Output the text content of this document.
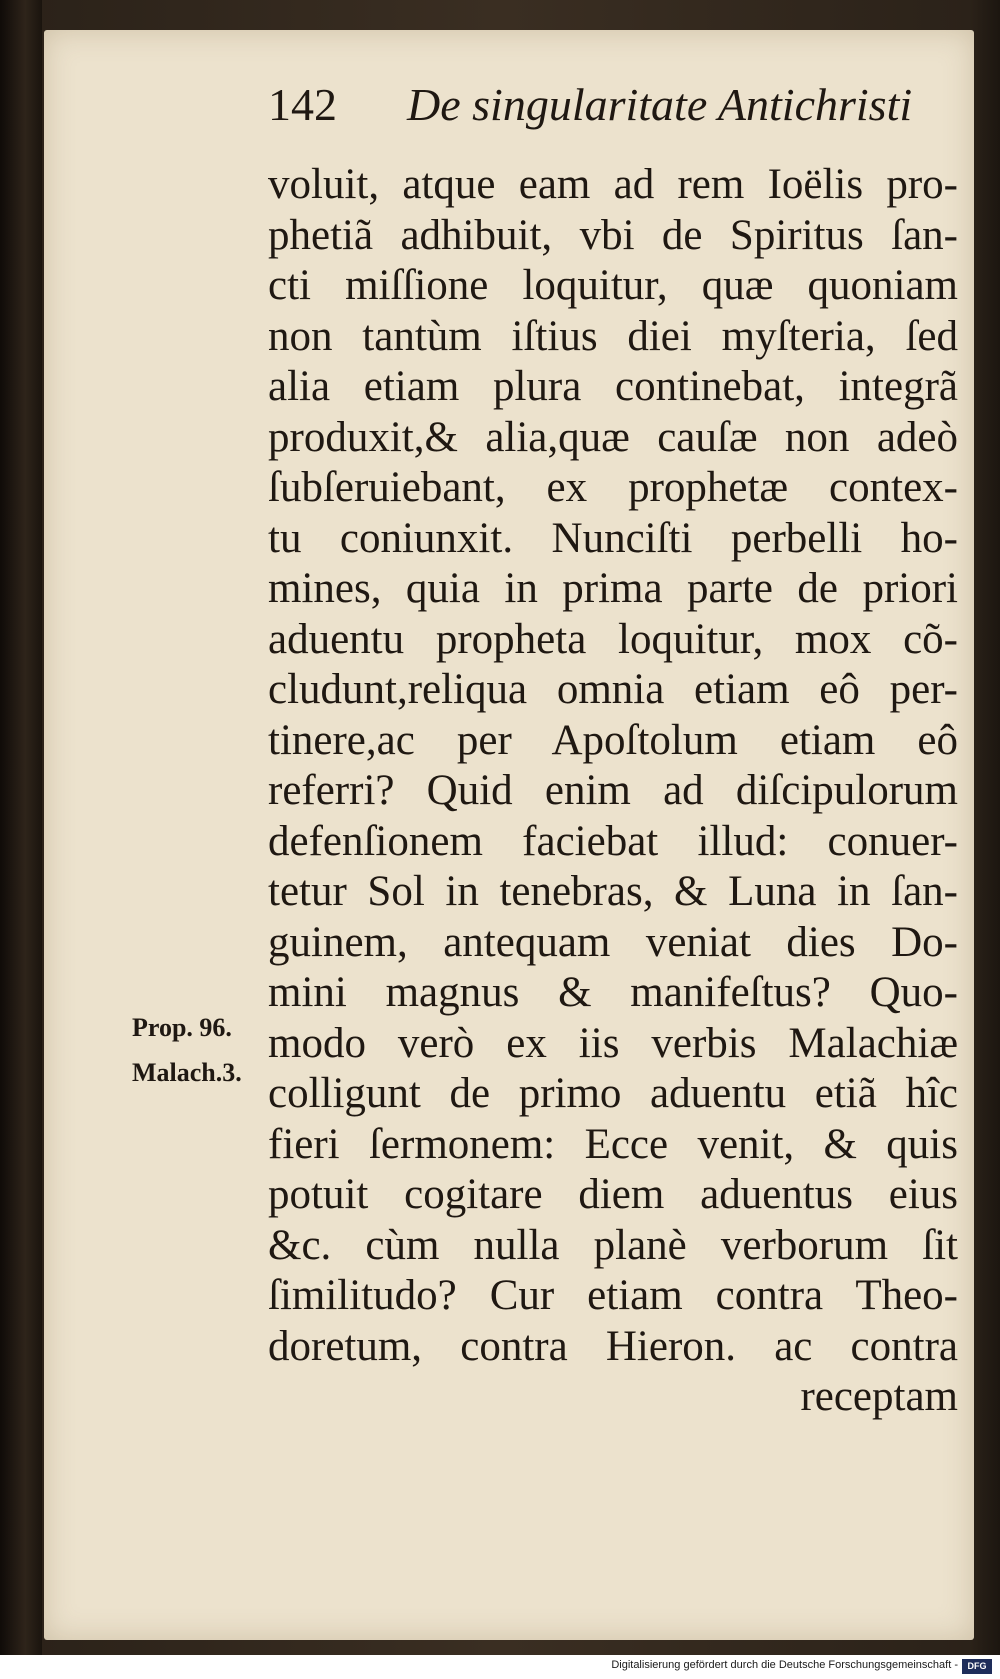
142 De singularitate Antichristi
voluit, atque eam ad rem Ioëlis pro-
phetiã adhibuit, vbi de Spiritus ſan-
cti miſſione loquitur, quæ quoniam
non tantùm iſtius diei myſteria, ſed
alia etiam plura continebat, integrã
produxit,& alia,quæ cauſæ non adeò
ſubſeruiebant, ex prophetæ contex-
tu coniunxit. Nunciſti perbelli ho-
mines, quia in prima parte de priori
aduentu propheta loquitur, mox cõ-
cludunt,reliqua omnia etiam eô per-
tinere,ac per Apoſtolum etiam eô
referri? Quid enim ad diſcipulorum
defenſionem faciebat illud: conuer-
tetur Sol in tenebras, & Luna in ſan-
guinem, antequam veniat dies Do-
mini magnus & manifeſtus? Quo-
modo verò ex iis verbis Malachiæ
colligunt de primo aduentu etiã hîc
fieri ſermonem: Ecce venit, & quis
potuit cogitare diem aduentus eius
&c. cùm nulla planè verborum ſit
ſimilitudo? Cur etiam contra Theo-
doretum, contra Hieron. ac contra
receptam
Prop. 96.
Malach.3.
Digitalisierung gefördert durch die Deutsche Forschungsgemeinschaft -	DFG
